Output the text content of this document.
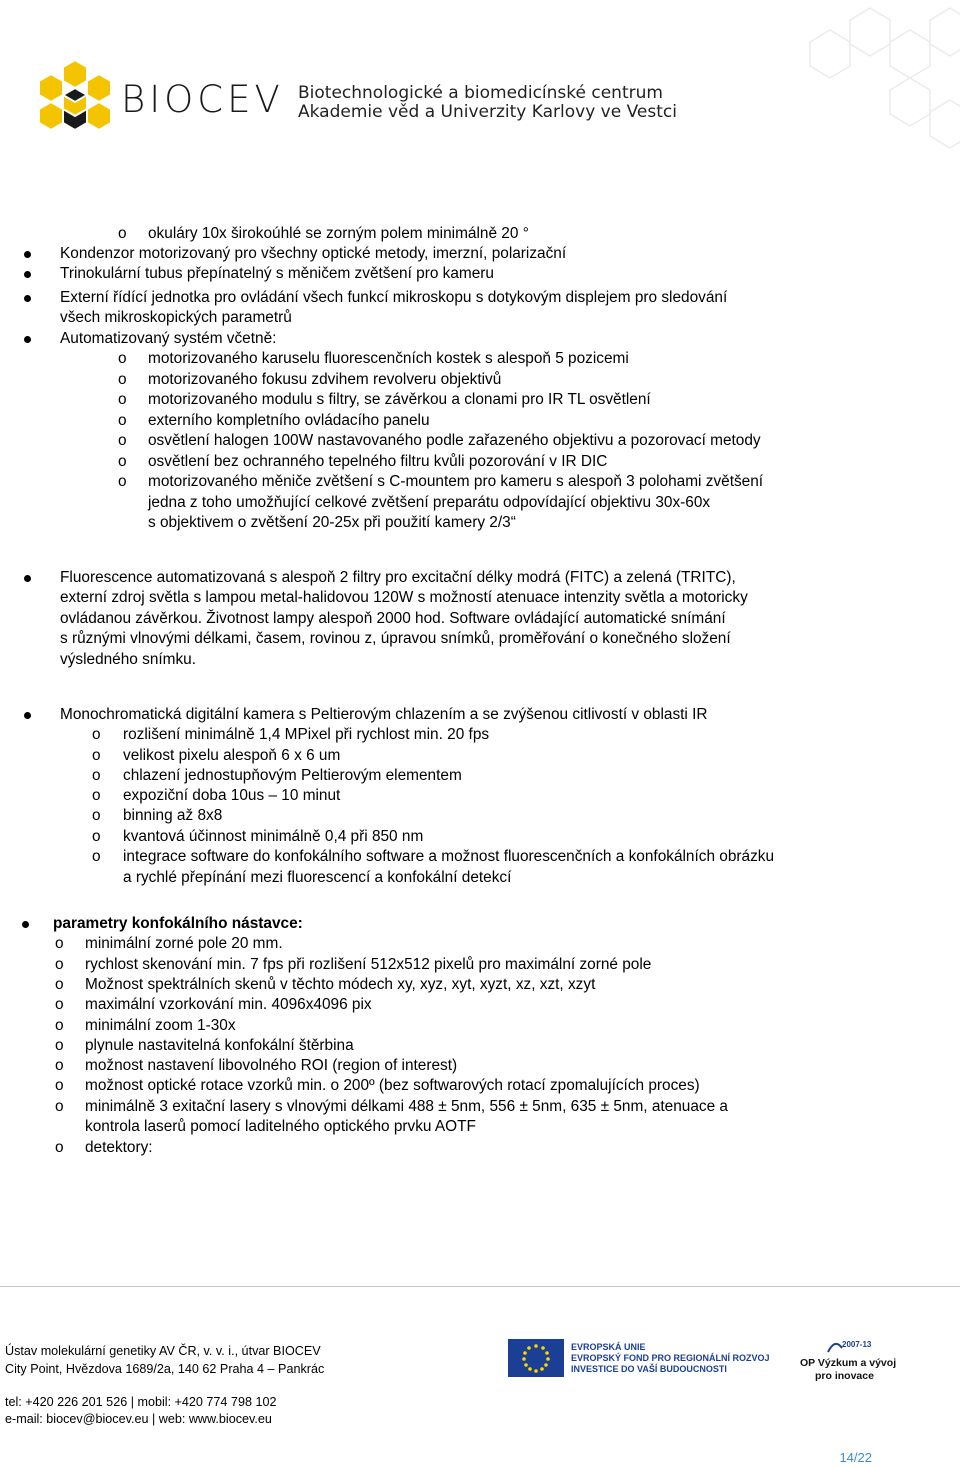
BIOCEV Biotechnologické a biomedicínské centrum
Akademie věd a Univerzity Karlovy ve Vestci
o okuláry 10x širokoúhlé se zorným polem minimálně 20 °
Kondenzor motorizovaný pro všechny optické metody, imerzní, polarizační
Trinokulární tubus přepínatelný s měničem zvětšení pro kameru
Externí řídící jednotka pro ovládání všech funkcí mikroskopu s dotykovým displejem pro sledování
všech mikroskopických parametrů
Automatizovaný systém včetně:
o motorizovaného karuselu fluorescenčních kostek s alespoň 5 pozicemi
o motorizovaného fokusu zdvihem revolveru objektivů
o motorizovaného modulu s filtry, se závěrkou a clonami pro IR TL osvětlení
o externího kompletního ovládacího panelu
o osvětlení halogen 100W nastavovaného podle zařazeného objektivu a pozorovací metody
o osvětlení bez ochranného tepelného filtru kvůli pozorování v IR DIC
o motorizovaného měniče zvětšení s C-mountem pro kameru s alespoň 3 polohami zvětšení
jedna z toho umožňující celkové zvětšení preparátu odpovídající objektivu 30x-60x
s objektivem o zvětšení 20-25x při použití kamery 2/3“
Fluorescence automatizovaná s alespoň 2 filtry pro excitační délky modrá (FITC) a zelená (TRITC),
externí zdroj světla s lampou metal-halidovou 120W s možností atenuace intenzity světla a motoricky
ovládanou závěrkou. Životnost lampy alespoň 2000 hod. Software ovládající automatické snímání
s různými vlnovými délkami, časem, rovinou z, úpravou snímků, proměřování o konečného složení
výsledného snímku.
Monochromatická digitální kamera s Peltierovým chlazením a se zvýšenou citlivostí v oblasti IR
o rozlišení minimálně 1,4 MPixel při rychlost min. 20 fps
o velikost pixelu alespoň 6 x 6 um
o chlazení jednostupňovým Peltierovým elementem
o expoziční doba 10us – 10 minut
o binning až 8x8
o kvantová účinnost minimálně 0,4 při 850 nm
o integrace software do konfokálního software a možnost fluorescenčních a konfokálních obrázku
a rychlé přepínání mezi fluorescencí a konfokální detekcí
parametry konfokálního nástavce:
o minimální zorné pole 20 mm.
o rychlost skenování min. 7 fps při rozlišení 512x512 pixelů pro maximální zorné pole
o Možnost spektrálních skenů v těchto módech xy, xyz, xyt, xyzt, xz, xzt, xzyt
o maximální vzorkování min. 4096x4096 pix
o minimální zoom 1-30x
o plynule nastavitelná konfokální štěrbina
o možnost nastavení libovolného ROI (region of interest)
o možnost optické rotace vzorků min. o 200º (bez softwarových rotací zpomalujících proces)
o minimálně 3 exitační lasery s vlnovými délkami 488 ± 5nm, 556 ± 5nm, 635 ± 5nm, atenuace a
kontrola laserů pomocí laditelného optického prvku AOTF
o detektory:
Ústav molekulární genetiky AV ČR, v. v. i., útvar BIOCEV
City Point, Hvězdova 1689/2a, 140 62 Praha 4 – Pankrác
tel: +420 226 201 526 | mobil: +420 774 798 102
e-mail: biocev@biocev.eu | web: www.biocev.eu
EVROPSKÁ UNIE
EVROPSKÝ FOND PRO REGIONÁLNÍ ROZVOJ
INVESTICE DO VAŠÍ BUDOUCNOSTI
2007-13
OP Výzkum a vývoj
pro inovace
14/22
